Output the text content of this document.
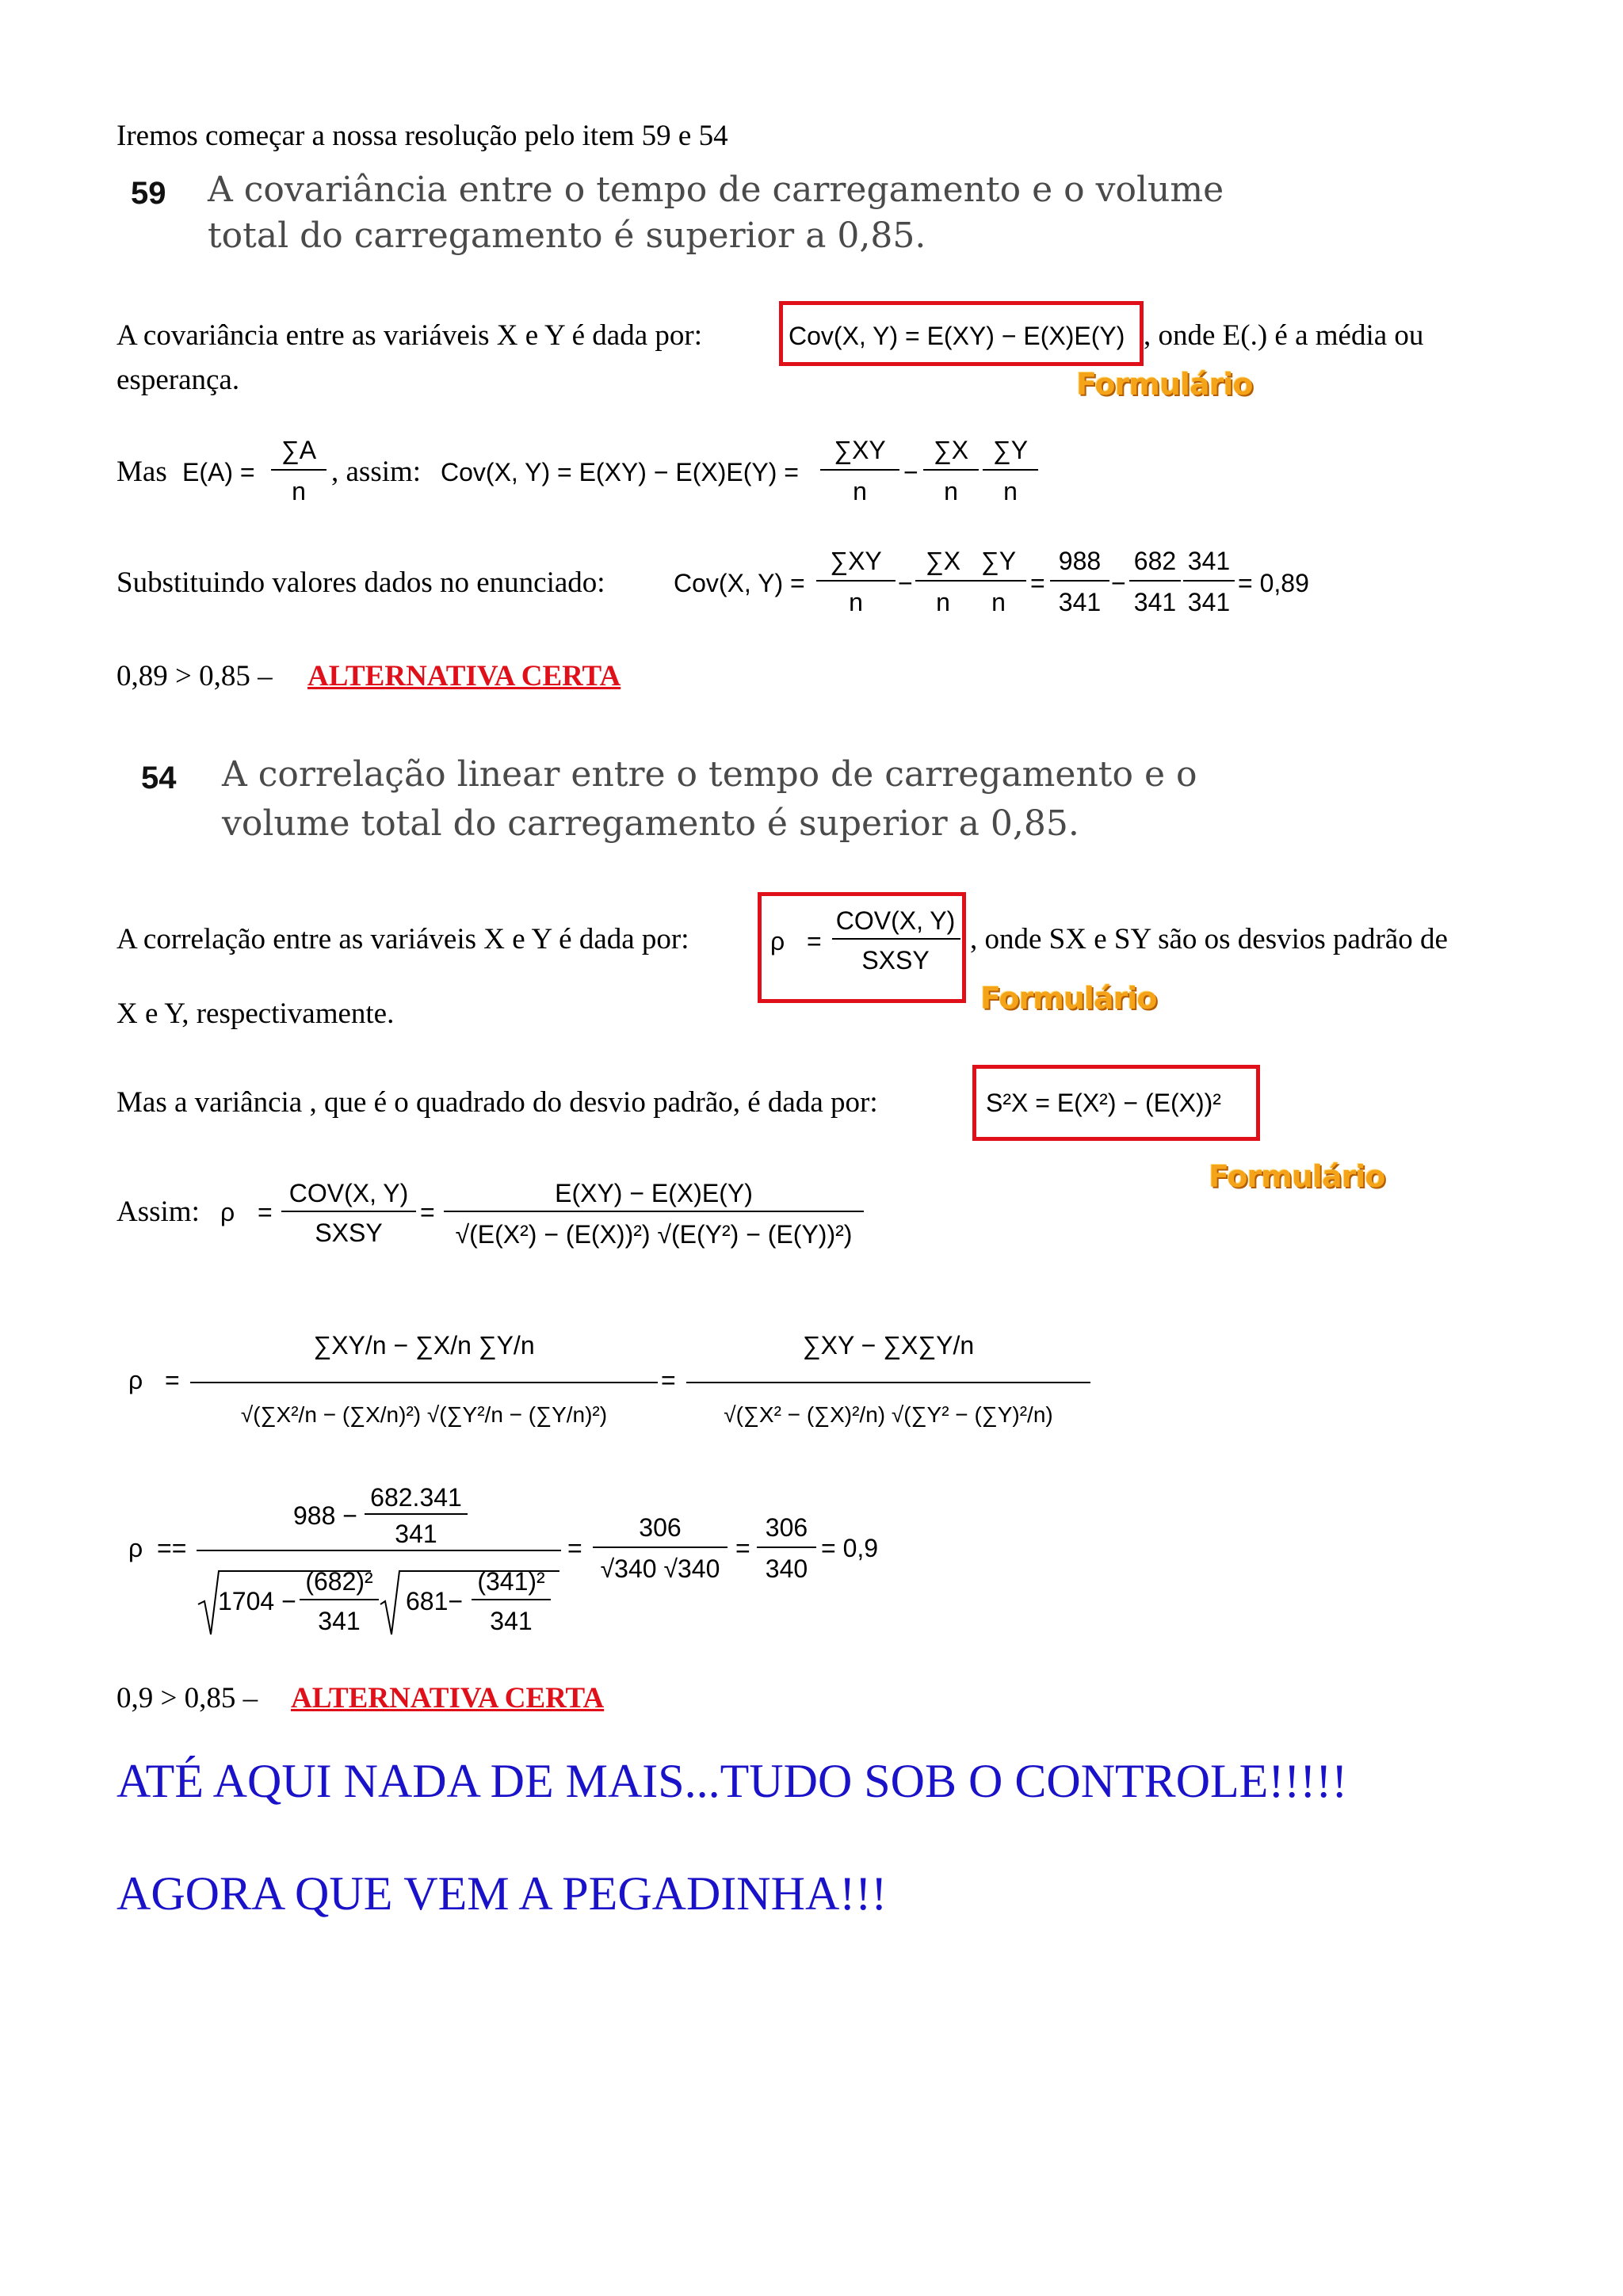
Iremos começar a nossa resolução pelo item 59 e 54
59 A covariância entre o tempo de carregamento e o volume
total do carregamento é superior a 0,85.
A covariância entre as variáveis X e Y é dada por:	Cov(X, Y) = E(XY) − E(X)E(Y) , onde E(.) é a média ou
esperança.	Formulário
Mas E(A) =
∑A
n
, assim: Cov(X, Y) = E(XY) − E(X)E(Y) =
∑XY
n
−
∑X
n
∑Y
n
Substituindo valores dados no enunciado:	Cov(X, Y) =
∑XY
n
−
∑X
n
∑Y
n
=
988
341
−
682
341
341
341
= 0,89
0,89 > 0,85 – ALTERNATIVA CERTA
54 A correlação linear entre o tempo de carregamento e o
volume total do carregamento é superior a 0,85.
A correlação entre as variáveis X e Y é dada por:	ρ =
COV(X, Y)
SXSY
, onde SX e SY são os desvios padrão de
X e Y, respectivamente.	Formulário
Mas a variância , que é o quadrado do desvio padrão, é dada por:	S²X = E(X²) − (E(X))²
Formulário
Assim: ρ =
COV(X, Y)
SXSY
=
E(XY) − E(X)E(Y)
√(E(X²) − (E(X))²) √(E(Y²) − (E(Y))²)
ρ =
∑XY/n − ∑X/n ∑Y/n
√(∑X²/n − (∑X/n)²) √(∑Y²/n − (∑Y/n)²)
=
∑XY − ∑X∑Y/n
√(∑X² − (∑X)²/n) √(∑Y² − (∑Y)²/n)
ρ ==
988 −
682.341
341
1704 −
(682)²
341
681−
(341)²
341
=
306
√340 √340
=
306
340
= 0,9
0,9 > 0,85 – ALTERNATIVA CERTA
ATÉ AQUI NADA DE MAIS...TUDO SOB O CONTROLE!!!!!
AGORA QUE VEM A PEGADINHA!!!
